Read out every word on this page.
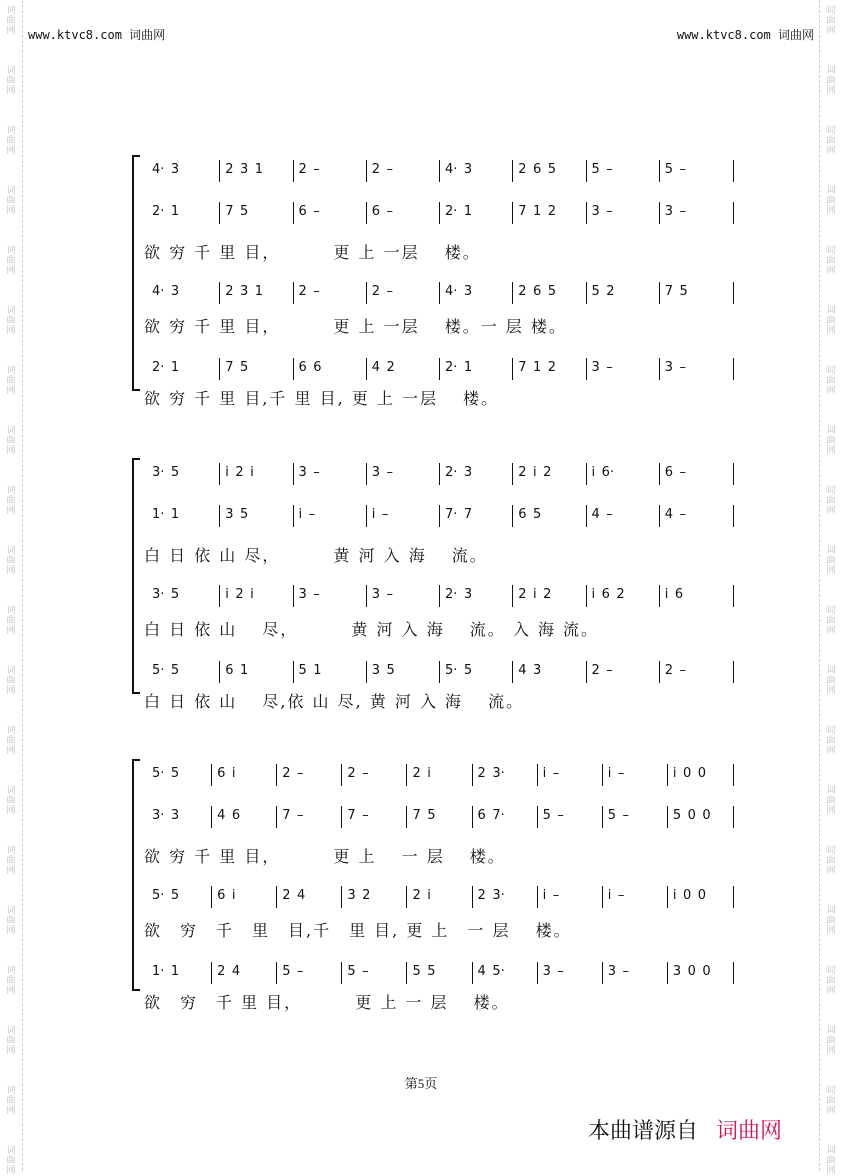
词曲网
词曲网
词曲网
词曲网
词曲网
词曲网
词曲网
词曲网
词曲网
词曲网
词曲网
词曲网
词曲网
词曲网
词曲网
词曲网
词曲网
词曲网
词曲网
词曲网
词曲网
词曲网
词曲网
词曲网
词曲网
词曲网
词曲网
词曲网
词曲网
词曲网
词曲网
词曲网
词曲网
词曲网
词曲网
词曲网
词曲网
词曲网
词曲网
词曲网
www.ktvc8.com 词曲网	www.ktvc8.com 词曲网
4· 3	2 3 1	2 –	2 –	4· 3	2 6 5	5 –	5 –
2· 1	7 5	6 –	6 –	2· 1	7 1 2	3 –	3 –
欲 穷 千 里 目，　　　 更 上 一层　 楼。
4· 3	2 3 1	2 –	2 –	4· 3	2 6 5	5 2	7 5
欲 穷 千 里 目，　　　 更 上 一层　 楼。一 层 楼。
2· 1	7 5	6 6	4 2	2· 1	7 1 2	3 –	3 –
欲 穷 千 里 目,千 里 目, 更 上 一层　 楼。
3· 5	i 2 i	3 –	3 –	2· 3	2 i 2	i 6·	6 –
1· 1	3 5	i –	i –	7· 7	6 5	4 –	4 –
白 日 依 山 尽，　　　 黄 河 入 海　 流。
3· 5	i 2 i	3 –	3 –	2· 3	2 i 2	i 6 2	i 6
白 日 依 山　 尽，　　　 黄 河 入 海　 流。 入 海 流。
5· 5	6 1	5 1	3 5	5· 5	4 3	2 –	2 –
白 日 依 山　 尽,依 山 尽, 黄 河 入 海　 流。
5· 5	6 i	2 –	2 –	2 i	2 3·	i –	i –	i 0 0
3· 3	4 6	7 –	7 –	7 5	6 7·	5 –	5 –	5 0 0
欲 穷 千 里 目，　　　 更 上　 一 层　 楼。
5· 5	6 i	2 4	3 2	2 i	2 3·	i –	i –	i 0 0
欲　穷　千　里　目,千　里 目, 更 上　一 层　 楼。
1· 1	2 4	5 –	5 –	5 5	4 5·	3 –	3 –	3 0 0
欲　穷　千 里 目，　　　 更 上 一 层　 楼。
第5页
本曲谱源自 词曲网
